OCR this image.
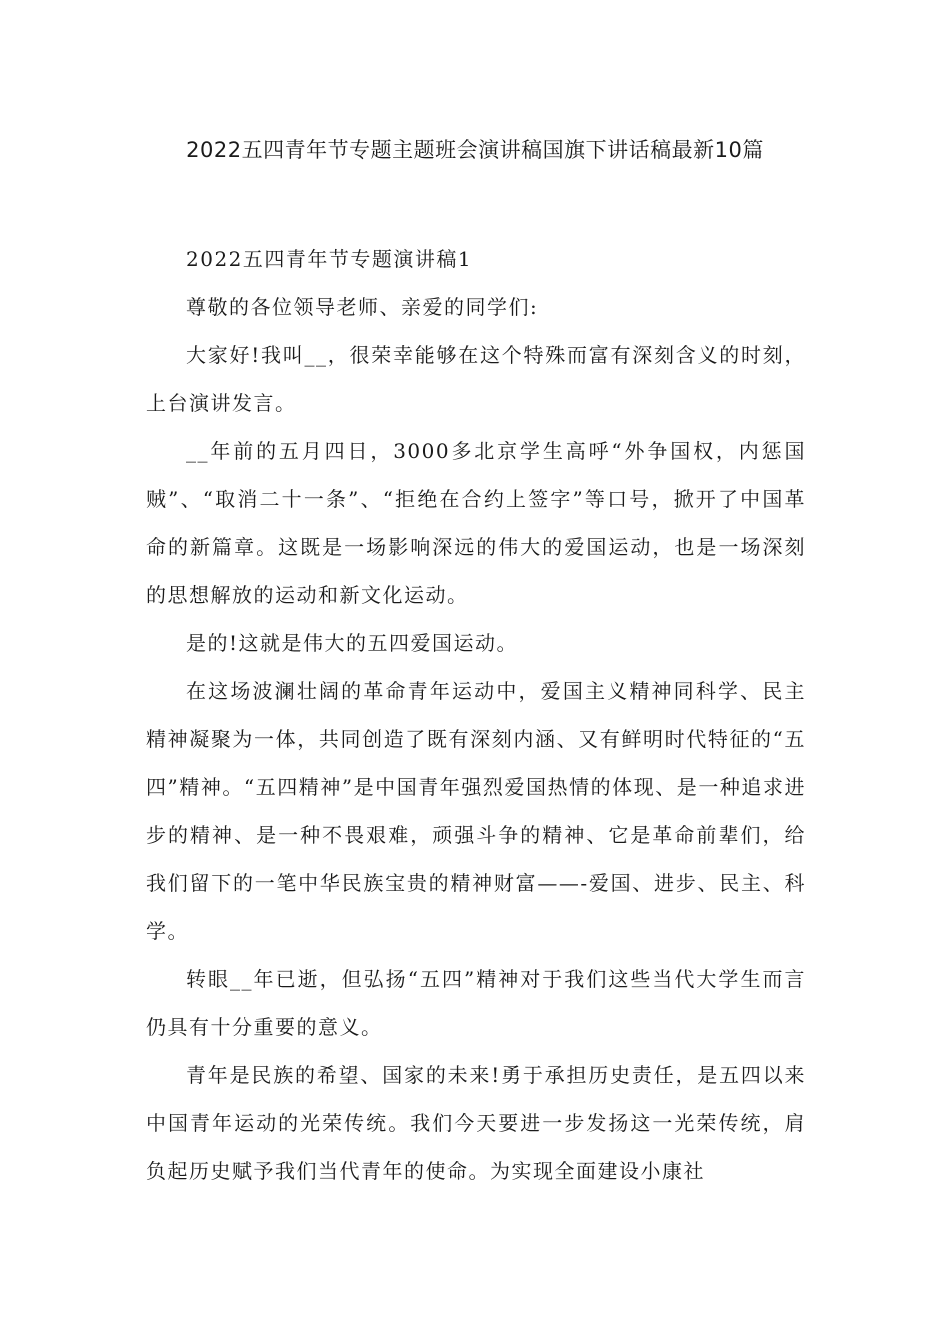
2022五四青年节专题主题班会演讲稿国旗下讲话稿最新10篇

2022五四青年节专题演讲稿1

尊敬的各位领导老师、亲爱的同学们:

大家好!我叫__，很荣幸能够在这个特殊而富有深刻含义的时刻，上台演讲发言。

__年前的五月四日，3000多北京学生高呼“外争国权，内惩国贼”、“取消二十一条”、“拒绝在合约上签字”等口号，掀开了中国革命的新篇章。这既是一场影响深远的伟大的爱国运动，也是一场深刻的思想解放的运动和新文化运动。

是的!这就是伟大的五四爱国运动。

在这场波澜壮阔的革命青年运动中，爱国主义精神同科学、民主精神凝聚为一体，共同创造了既有深刻内涵、又有鲜明时代特征的“五四”精神。“五四精神”是中国青年强烈爱国热情的体现、是一种追求进步的精神、是一种不畏艰难，顽强斗争的精神、它是革命前辈们，给我们留下的一笔中华民族宝贵的精神财富——-爱国、进步、民主、科学。

转眼__年已逝，但弘扬“五四”精神对于我们这些当代大学生而言仍具有十分重要的意义。

青年是民族的希望、国家的未来!勇于承担历史责任，是五四以来中国青年运动的光荣传统。我们今天要进一步发扬这一光荣传统，肩负起历史赋予我们当代青年的使命。为实现全面建设小康社
